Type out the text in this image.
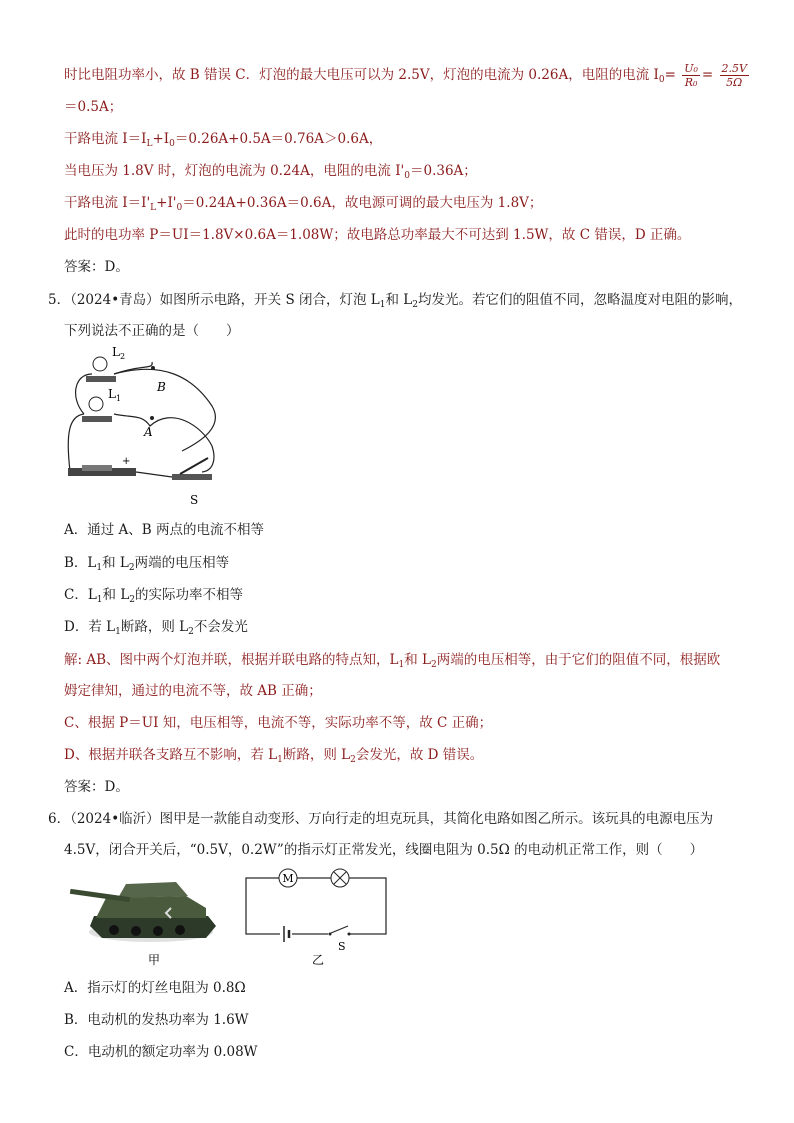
时比电阻功率小，故 B 错误 C．灯泡的最大电压可以为 2.5V，灯泡的电流为 0.26A，电阻的电流 $I_0= \frac{\text{U₀}}{\text{R₀}} = \frac{2.5V}{5\Omega}$
＝0.5A；
干路电流 $I=I_L+I_0=0.26A+0.5A=0.76A>0.6A$，
当电压为 1.8V 时，灯泡的电流为 0.24A，电阻的电流 $I'_0=0.36A$；
干路电流 $I=I'_L+I'_0=0.24A+0.36A=0.6A$，故电源可调的最大电压为 1.8V；
此时的电功率 P＝UI＝1.8V×0.6A＝1.08W；故电路总功率最大不可达到 1.5W，故 C 错误，D 正确。
答案：D。
5．（2024•青岛）如图所示电路，开关 S 闭合，灯泡 $L_1$和 $L_2$均发光。若它们的阻值不同，忽略温度对电阻的影响，
下列说法不正确的是（　　）
$L_2$
$L_1$
B
A
S
+
A．通过 A、B 两点的电流不相等
B．$L_1$和 $L_2$两端的电压相等
C．$L_1$和 $L_2$的实际功率不相等
D．若 $L_1$断路，则 $L_2$不会发光
解: AB、图中两个灯泡并联，根据并联电路的特点知，$L_1$和 $L_2$两端的电压相等，由于它们的阻值不同，根据欧
姆定律知，通过的电流不等，故 AB 正确；
C、根据 P＝UI 知，电压相等，电流不等，实际功率不等，故 C 正确；
D、根据并联各支路互不影响，若 $L_1$断路，则 $L_2$会发光，故 D 错误。
答案：D。
6．（2024•临沂）图甲是一款能自动变形、万向行走的坦克玩具，其简化电路如图乙所示。该玩具的电源电压为
4.5V，闭合开关后，“0.5V，0.2W”的指示灯正常发光，线圈电阻为 0.5Ω 的电动机正常工作，则（　　）
甲
M
S
乙
A．指示灯的灯丝电阻为 0.8Ω
B．电动机的发热功率为 1.6W
C．电动机的额定功率为 0.08W
